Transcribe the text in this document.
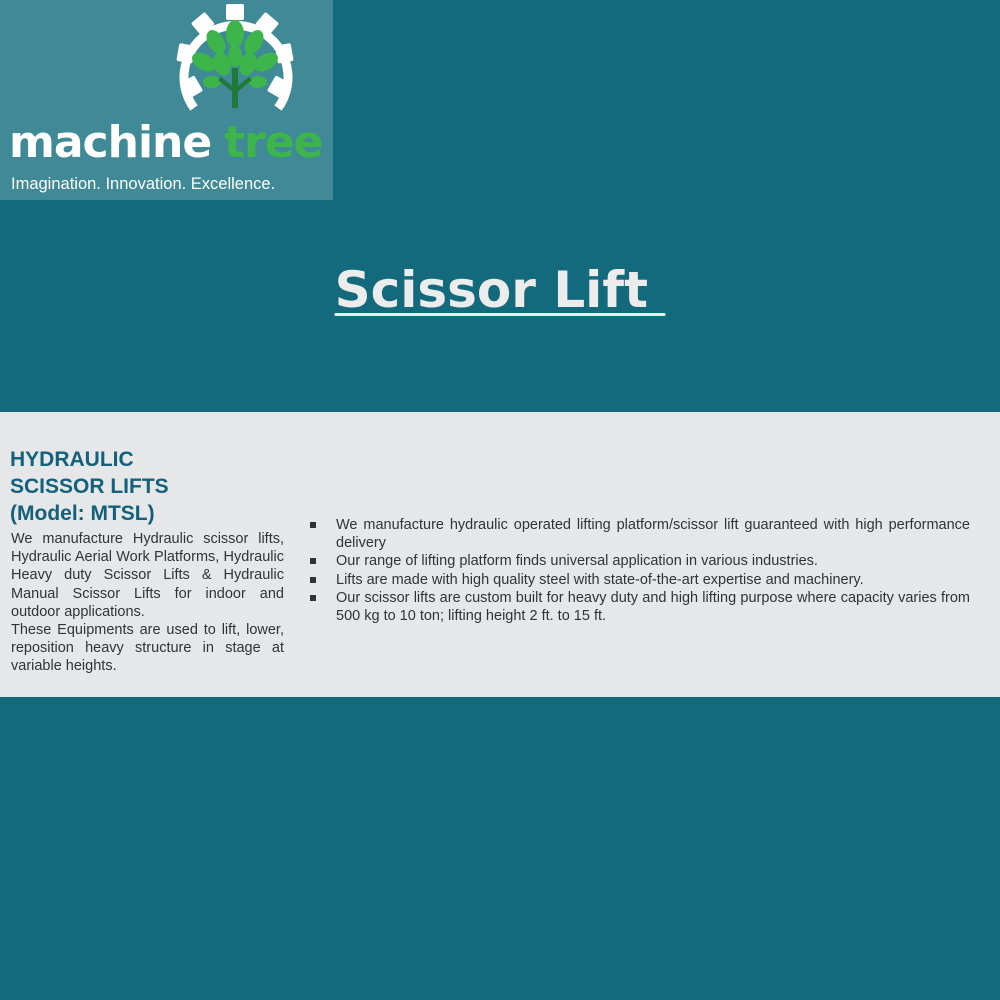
machine tree
Imagination. Innovation. Excellence.
Scissor Lift
HYDRAULIC
SCISSOR LIFTS
(Model: MTSL)

We manufacture Hydraulic scissor lifts, Hydraulic Aerial Work Platforms, Hydraulic Heavy duty Scissor Lifts & Hydraulic Manual Scissor Lifts for indoor and outdoor applications.

These Equipments are used to lift, lower, reposition heavy structure in stage at variable heights.

We manufacture hydraulic operated lifting platform/scissor lift guaranteed with high performance delivery
Our range of lifting platform finds universal application in various industries.
Lifts are made with high quality steel with state-of-the-art expertise and machinery.
Our scissor lifts are custom built for heavy duty and high lifting purpose where capacity varies from 500 kg to 10 ton; lifting height 2 ft. to 15 ft.
